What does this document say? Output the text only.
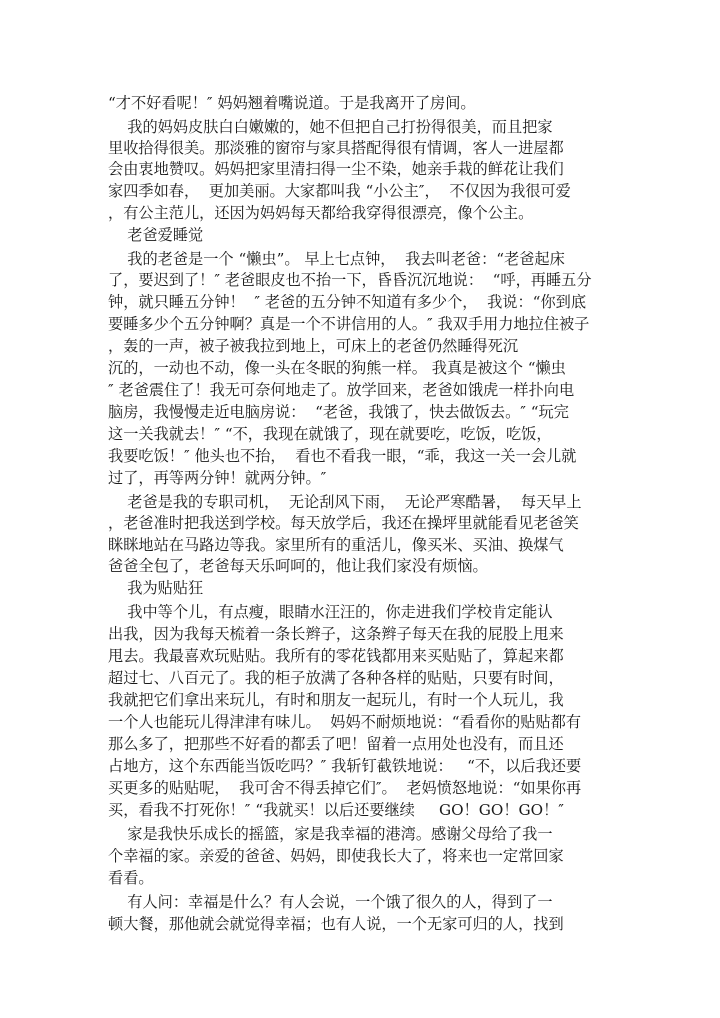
“才不好看呢！″ 妈妈翘着嘴说道。于是我离开了房间。
我的妈妈皮肤白白嫩嫩的，她不但把自己打扮得很美，而且把家
里收拾得很美。那淡雅的窗帘与家具搭配得很有情调，客人一进屋都
会由衷地赞叹。妈妈把家里清扫得一尘不染，她亲手栽的鲜花让我们
家四季如春，  更加美丽。大家都叫我 “小公主″，  不仅因为我很可爱
，有公主范儿，还因为妈妈每天都给我穿得很漂亮，像个公主。
老爸爱睡觉
我的老爸是一个 “懒虫”。 早上七点钟，  我去叫老爸：“老爸起床
了，要迟到了！″ 老爸眼皮也不抬一下，昏昏沉沉地说：  “呼，再睡五分
钟，就只睡五分钟！  ″ 老爸的五分钟不知道有多少个，  我说：“你到底
要睡多少个五分钟啊？真是一个不讲信用的人。″ 我双手用力地拉住被子
，轰的一声，被子被我拉到地上，可床上的老爸仍然睡得死沉
沉的，一动也不动，像一头在冬眠的狗熊一样。 我真是被这个 “懒虫
″ 老爸震住了！我无可奈何地走了。放学回来，老爸如饿虎一样扑向电
脑房，我慢慢走近电脑房说：  “老爸，我饿了，快去做饭去。″ “玩完
这一关我就去！″ “不，我现在就饿了，现在就要吃，吃饭，吃饭，
我要吃饭！″ 他头也不抬，  看也不看我一眼，“乖，我这一关一会儿就
过了，再等两分钟！就两分钟。″
老爸是我的专职司机，  无论刮风下雨，  无论严寒酷暑，  每天早上
，老爸准时把我送到学校。每天放学后，我还在操坪里就能看见老爸笑
眯眯地站在马路边等我。家里所有的重活儿，像买米、买油、换煤气
爸爸全包了，老爸每天乐呵呵的，他让我们家没有烦恼。
我为贴贴狂
我中等个儿，有点瘦，眼睛水汪汪的，你走进我们学校肯定能认
出我，因为我每天梳着一条长辫子，这条辫子每天在我的屁股上甩来
甩去。我最喜欢玩贴贴。我所有的零花钱都用来买贴贴了，算起来都
超过七、八百元了。我的柜子放满了各种各样的贴贴，只要有时间，
我就把它们拿出来玩儿，有时和朋友一起玩儿，有时一个人玩儿，我
一个人也能玩儿得津津有味儿。  妈妈不耐烦地说：“看看你的贴贴都有
那么多了，把那些不好看的都丢了吧！留着一点用处也没有，而且还
占地方，这个东西能当饭吃吗？″ 我斩钉截铁地说：   “不，以后我还要
买更多的贴贴呢，  我可舍不得丢掉它们″。  老妈愤怒地说：“如果你再
买，看我不打死你！″ “我就买！以后还要继续     GO！GO！GO！″
家是我快乐成长的摇篮，家是我幸福的港湾。感谢父母给了我一
个幸福的家。亲爱的爸爸、妈妈，即使我长大了，将来也一定常回家
看看。
有人问：幸福是什么？有人会说，一个饿了很久的人，得到了一
顿大餐，那他就会就觉得幸福；也有人说，一个无家可归的人，找到
